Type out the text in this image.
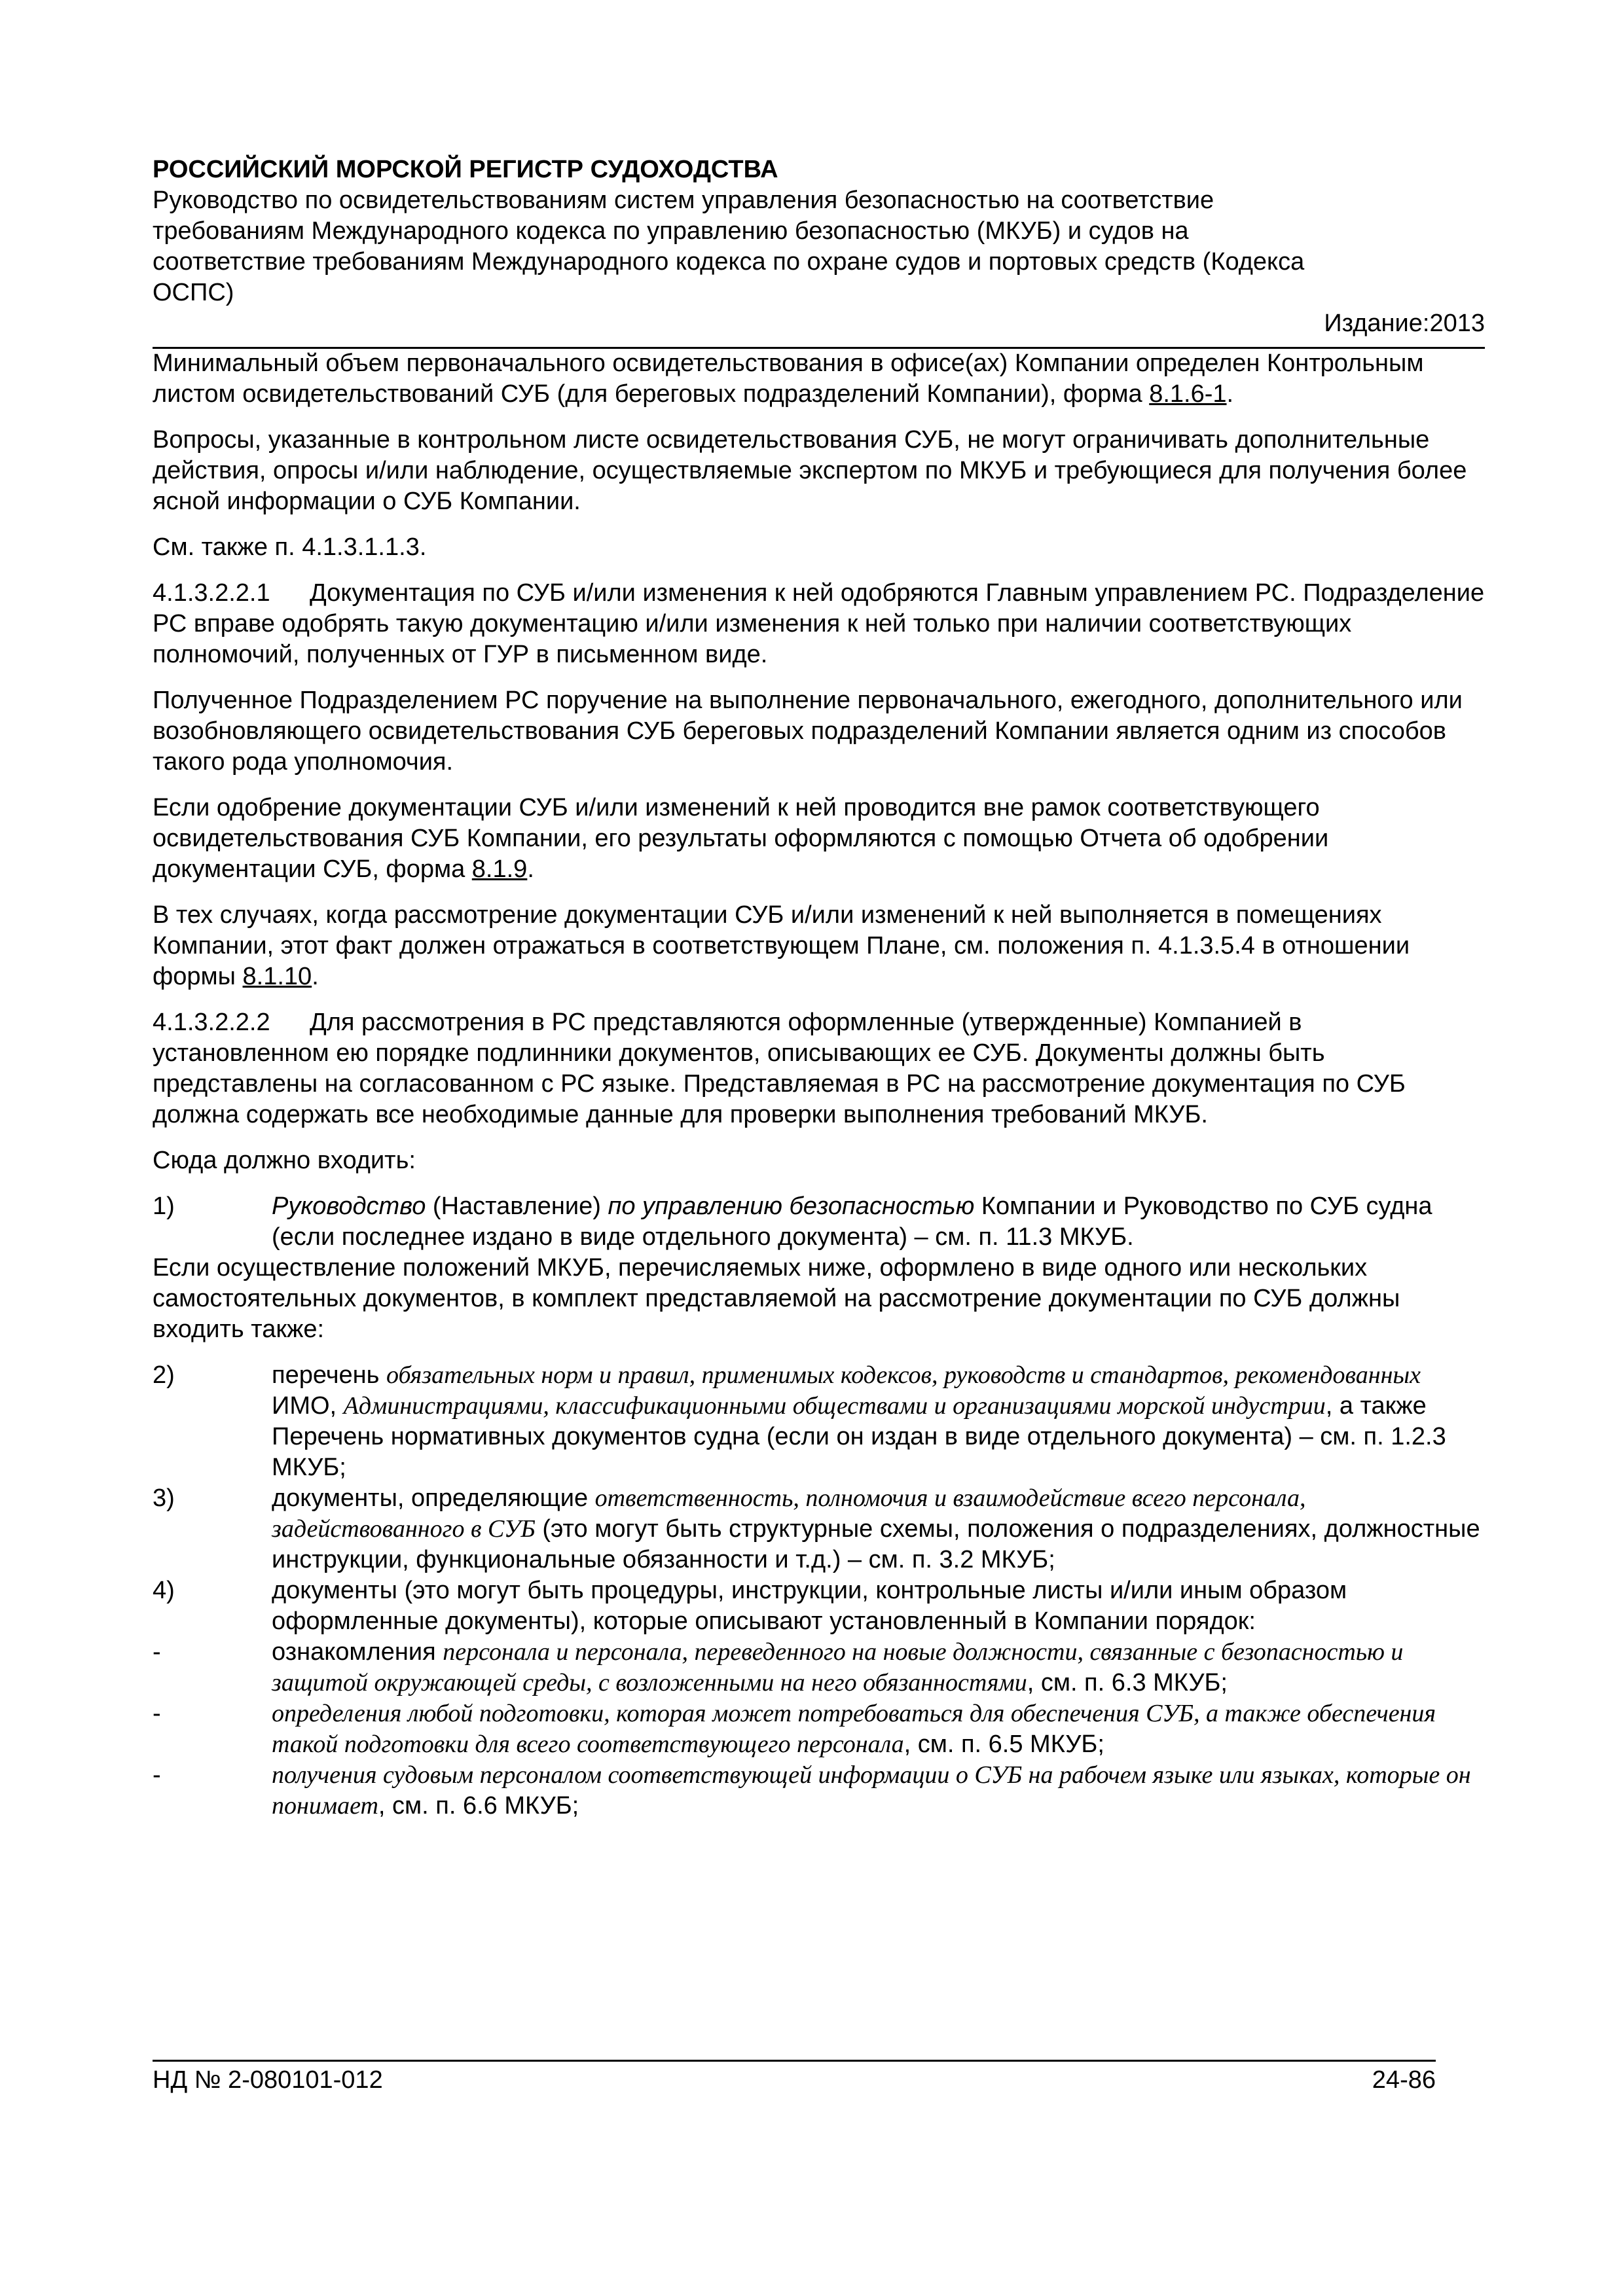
РОССИЙСКИЙ МОРСКОЙ РЕГИСТР СУДОХОДСТВА

Руководство по освидетельствованиям систем управления безопасностью на соответствие

требованиям Международного кодекса по управлению безопасностью (МКУБ) и судов на

соответствие требованиям Международного кодекса по охране судов и портовых средств (Кодекса

ОСПС)

Издание:2013

Минимальный объем первоначального освидетельствования в офисе(ах) Компании определен Контрольным листом освидетельствований СУБ (для береговых подразделений Компании), форма 8.1.6-1.

Вопросы, указанные в контрольном листе освидетельствования СУБ, не могут ограничивать дополнительные действия, опросы и/или наблюдение, осуществляемые экспертом по МКУБ и требующиеся для получения более ясной информации о СУБ Компании.

См. также п. 4.1.3.1.1.3.

4.1.3.2.2.1 Документация по СУБ и/или изменения к ней одобряются Главным управлением РС. Подразделение РС вправе одобрять такую документацию и/или изменения к ней только при наличии соответствующих полномочий, полученных от ГУР в письменном виде.

Полученное Подразделением РС поручение на выполнение первоначального, ежегодного, дополнительного или возобновляющего освидетельствования СУБ береговых подразделений Компании является одним из способов такого рода уполномочия.

Если одобрение документации СУБ и/или изменений к ней проводится вне рамок соответствующего освидетельствования СУБ Компании, его результаты оформляются с помощью Отчета об одобрении документации СУБ, форма 8.1.9.

В тех случаях, когда рассмотрение документации СУБ и/или изменений к ней выполняется в помещениях Компании, этот факт должен отражаться в соответствующем Плане, см. положения п. 4.1.3.5.4 в отношении формы 8.1.10.

4.1.3.2.2.2 Для рассмотрения в РС представляются оформленные (утвержденные) Компанией в установленном ею порядке подлинники документов, описывающих ее СУБ. Документы должны быть представлены на согласованном с РС языке. Представляемая в РС на рассмотрение документация по СУБ должна содержать все необходимые данные для проверки выполнения требований МКУБ.

Сюда должно входить:

1)	Руководство (Наставление) по управлению безопасностью Компании и Руководство по СУБ судна (если последнее издано в виде отдельного документа) – см. п. 11.3 МКУБ.

Если осуществление положений МКУБ, перечисляемых ниже, оформлено в виде одного или нескольких самостоятельных документов, в комплект представляемой на рассмотрение документации по СУБ должны входить также:

2)	перечень обязательных норм и правил, применимых кодексов, руководств и стандартов, рекомендованных ИМО, Администрациями, классификационными обществами и организациями морской индустрии, а также Перечень нормативных документов судна (если он издан в виде отдельного документа) – см. п. 1.2.3 МКУБ;
3)	документы, определяющие ответственность, полномочия и взаимодействие всего персонала, задействованного в СУБ (это могут быть структурные схемы, положения о подразделениях, должностные инструкции, функциональные обязанности и т.д.) – см. п. 3.2 МКУБ;
4)	документы (это могут быть процедуры, инструкции, контрольные листы и/или иным образом оформленные документы), которые описывают установленный в Компании порядок:
-	ознакомления персонала и персонала, переведенного на новые должности, связанные с безопасностью и защитой окружающей среды, с возложенными на него обязанностями, см. п. 6.3 МКУБ;
-	определения любой подготовки, которая может потребоваться для обеспечения СУБ, а также обеспечения такой подготовки для всего соответствующего персонала, см. п. 6.5 МКУБ;
-	получения судовым персоналом соответствующей информации о СУБ на рабочем языке или языках, которые он понимает, см. п. 6.6 МКУБ;
НД № 2-080101-012	24-86
